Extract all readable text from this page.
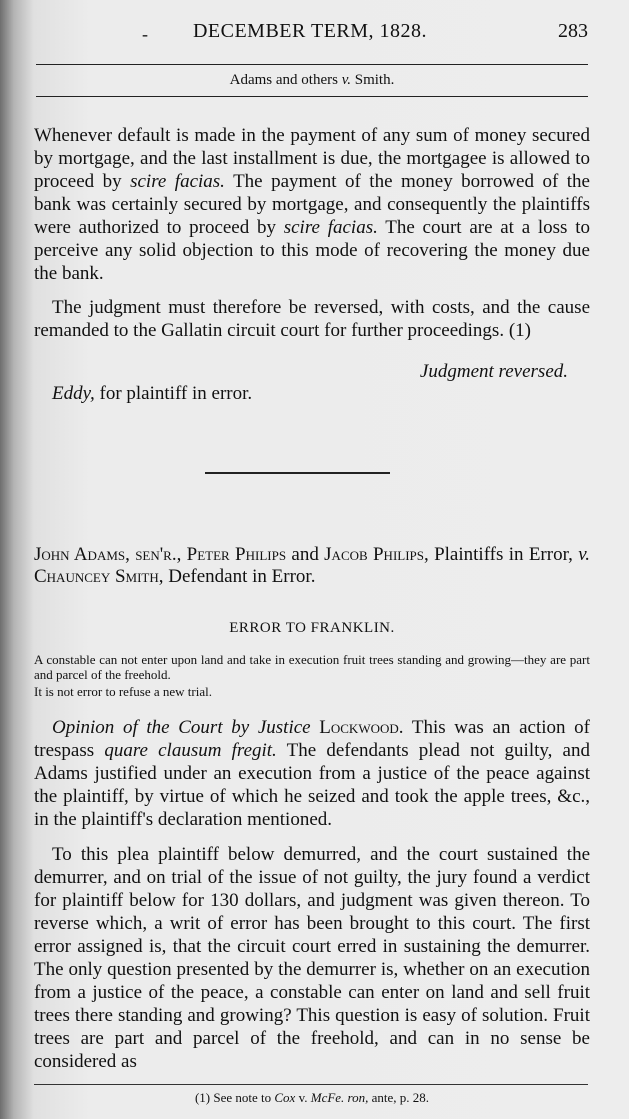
-	DECEMBER TERM, 1828.	283
Adams and others v. Smith.
Whenever default is made in the payment of any sum of money secured by mortgage, and the last installment is due, the mortgagee is allowed to proceed by scire facias. The payment of the money borrowed of the bank was certainly secured by mortgage, and consequently the plaintiffs were authorized to proceed by scire facias. The court are at a loss to perceive any solid objection to this mode of recovering the money due the bank.
The judgment must therefore be reversed, with costs, and the cause remanded to the Gallatin circuit court for further proceedings. (1)
Judgment reversed.
Eddy, for plaintiff in error.
John Adams, sen'r., Peter Philips and Jacob Philips, Plaintiffs in Error, v. Chauncey Smith, Defendant in Error.
ERROR TO FRANKLIN.
A constable can not enter upon land and take in execution fruit trees standing and growing—they are part and parcel of the freehold.
It is not error to refuse a new trial.
Opinion of the Court by Justice Lockwood. This was an action of trespass quare clausum fregit. The defendants plead not guilty, and Adams justified under an execution from a justice of the peace against the plaintiff, by virtue of which he seized and took the apple trees, &c., in the plaintiff's declaration mentioned.
To this plea plaintiff below demurred, and the court sustained the demurrer, and on trial of the issue of not guilty, the jury found a verdict for plaintiff below for 130 dollars, and judgment was given thereon. To reverse which, a writ of error has been brought to this court. The first error assigned is, that the circuit court erred in sustaining the demurrer. The only question presented by the demurrer is, whether on an execution from a justice of the peace, a constable can enter on land and sell fruit trees there standing and growing? This question is easy of solution. Fruit trees are part and parcel of the freehold, and can in no sense be considered as
(1) See note to Cox v. McFe. ron, ante, p. 28.
